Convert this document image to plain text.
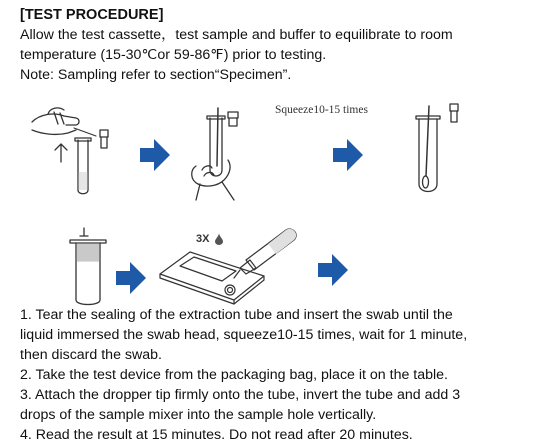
[TEST PROCEDURE]

Allow the test cassette，test sample and buffer to equilibrate to room

temperature (15-30℃or 59-86℉) prior to testing.

Note: Sampling refer to section“Specimen”.

Squeeze10-15 times
3X

1. Tear the sealing of the extraction tube and insert the swab until the

liquid immersed the swab head, squeeze10-15 times, wait for 1 minute,

then discard the swab.

2. Take the test device from the packaging bag, place it on the table.

3. Attach the dropper tip firmly onto the tube, invert the tube and add 3

drops of the sample mixer into the sample hole vertically.

4. Read the result at 15 minutes. Do not read after 20 minutes.
